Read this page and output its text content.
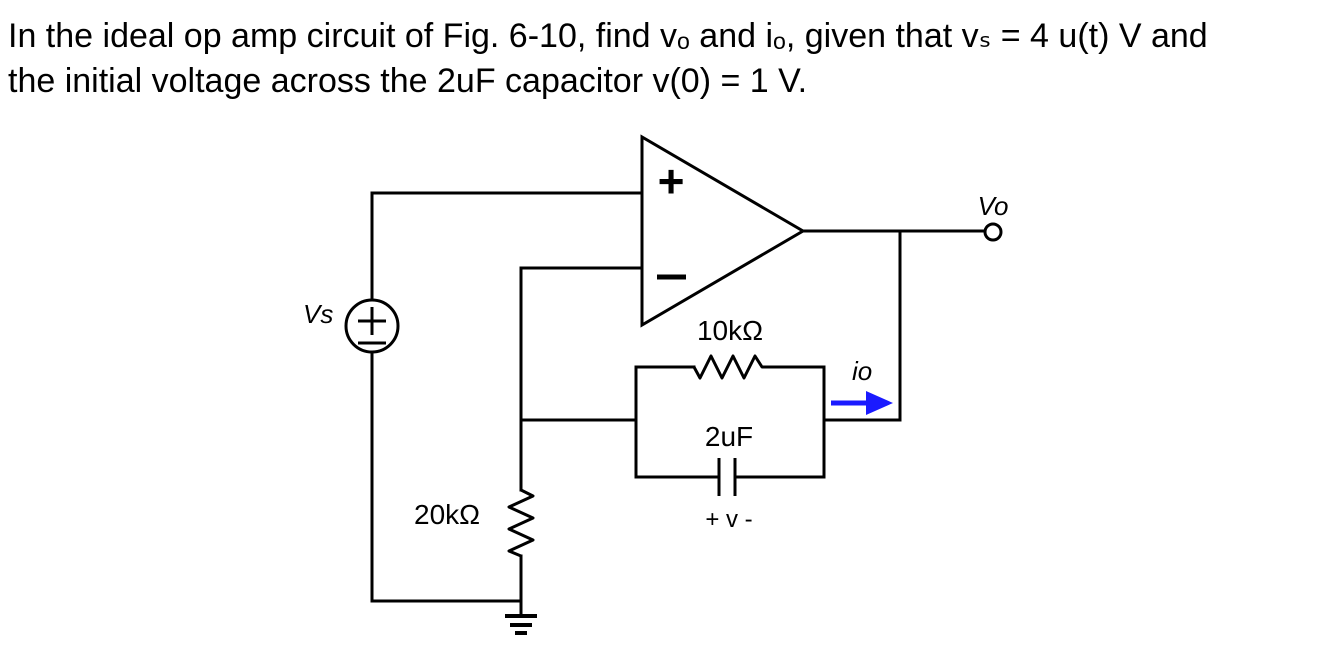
In the ideal op amp circuit of Fig. 6-10, find vₒ and iₒ, given that vₛ = 4 u(t) V and

the initial voltage across the 2uF capacitor v(0) = 1 V.

+
Vs
20kΩ
10kΩ
2uF
+ v -
io
Vo
